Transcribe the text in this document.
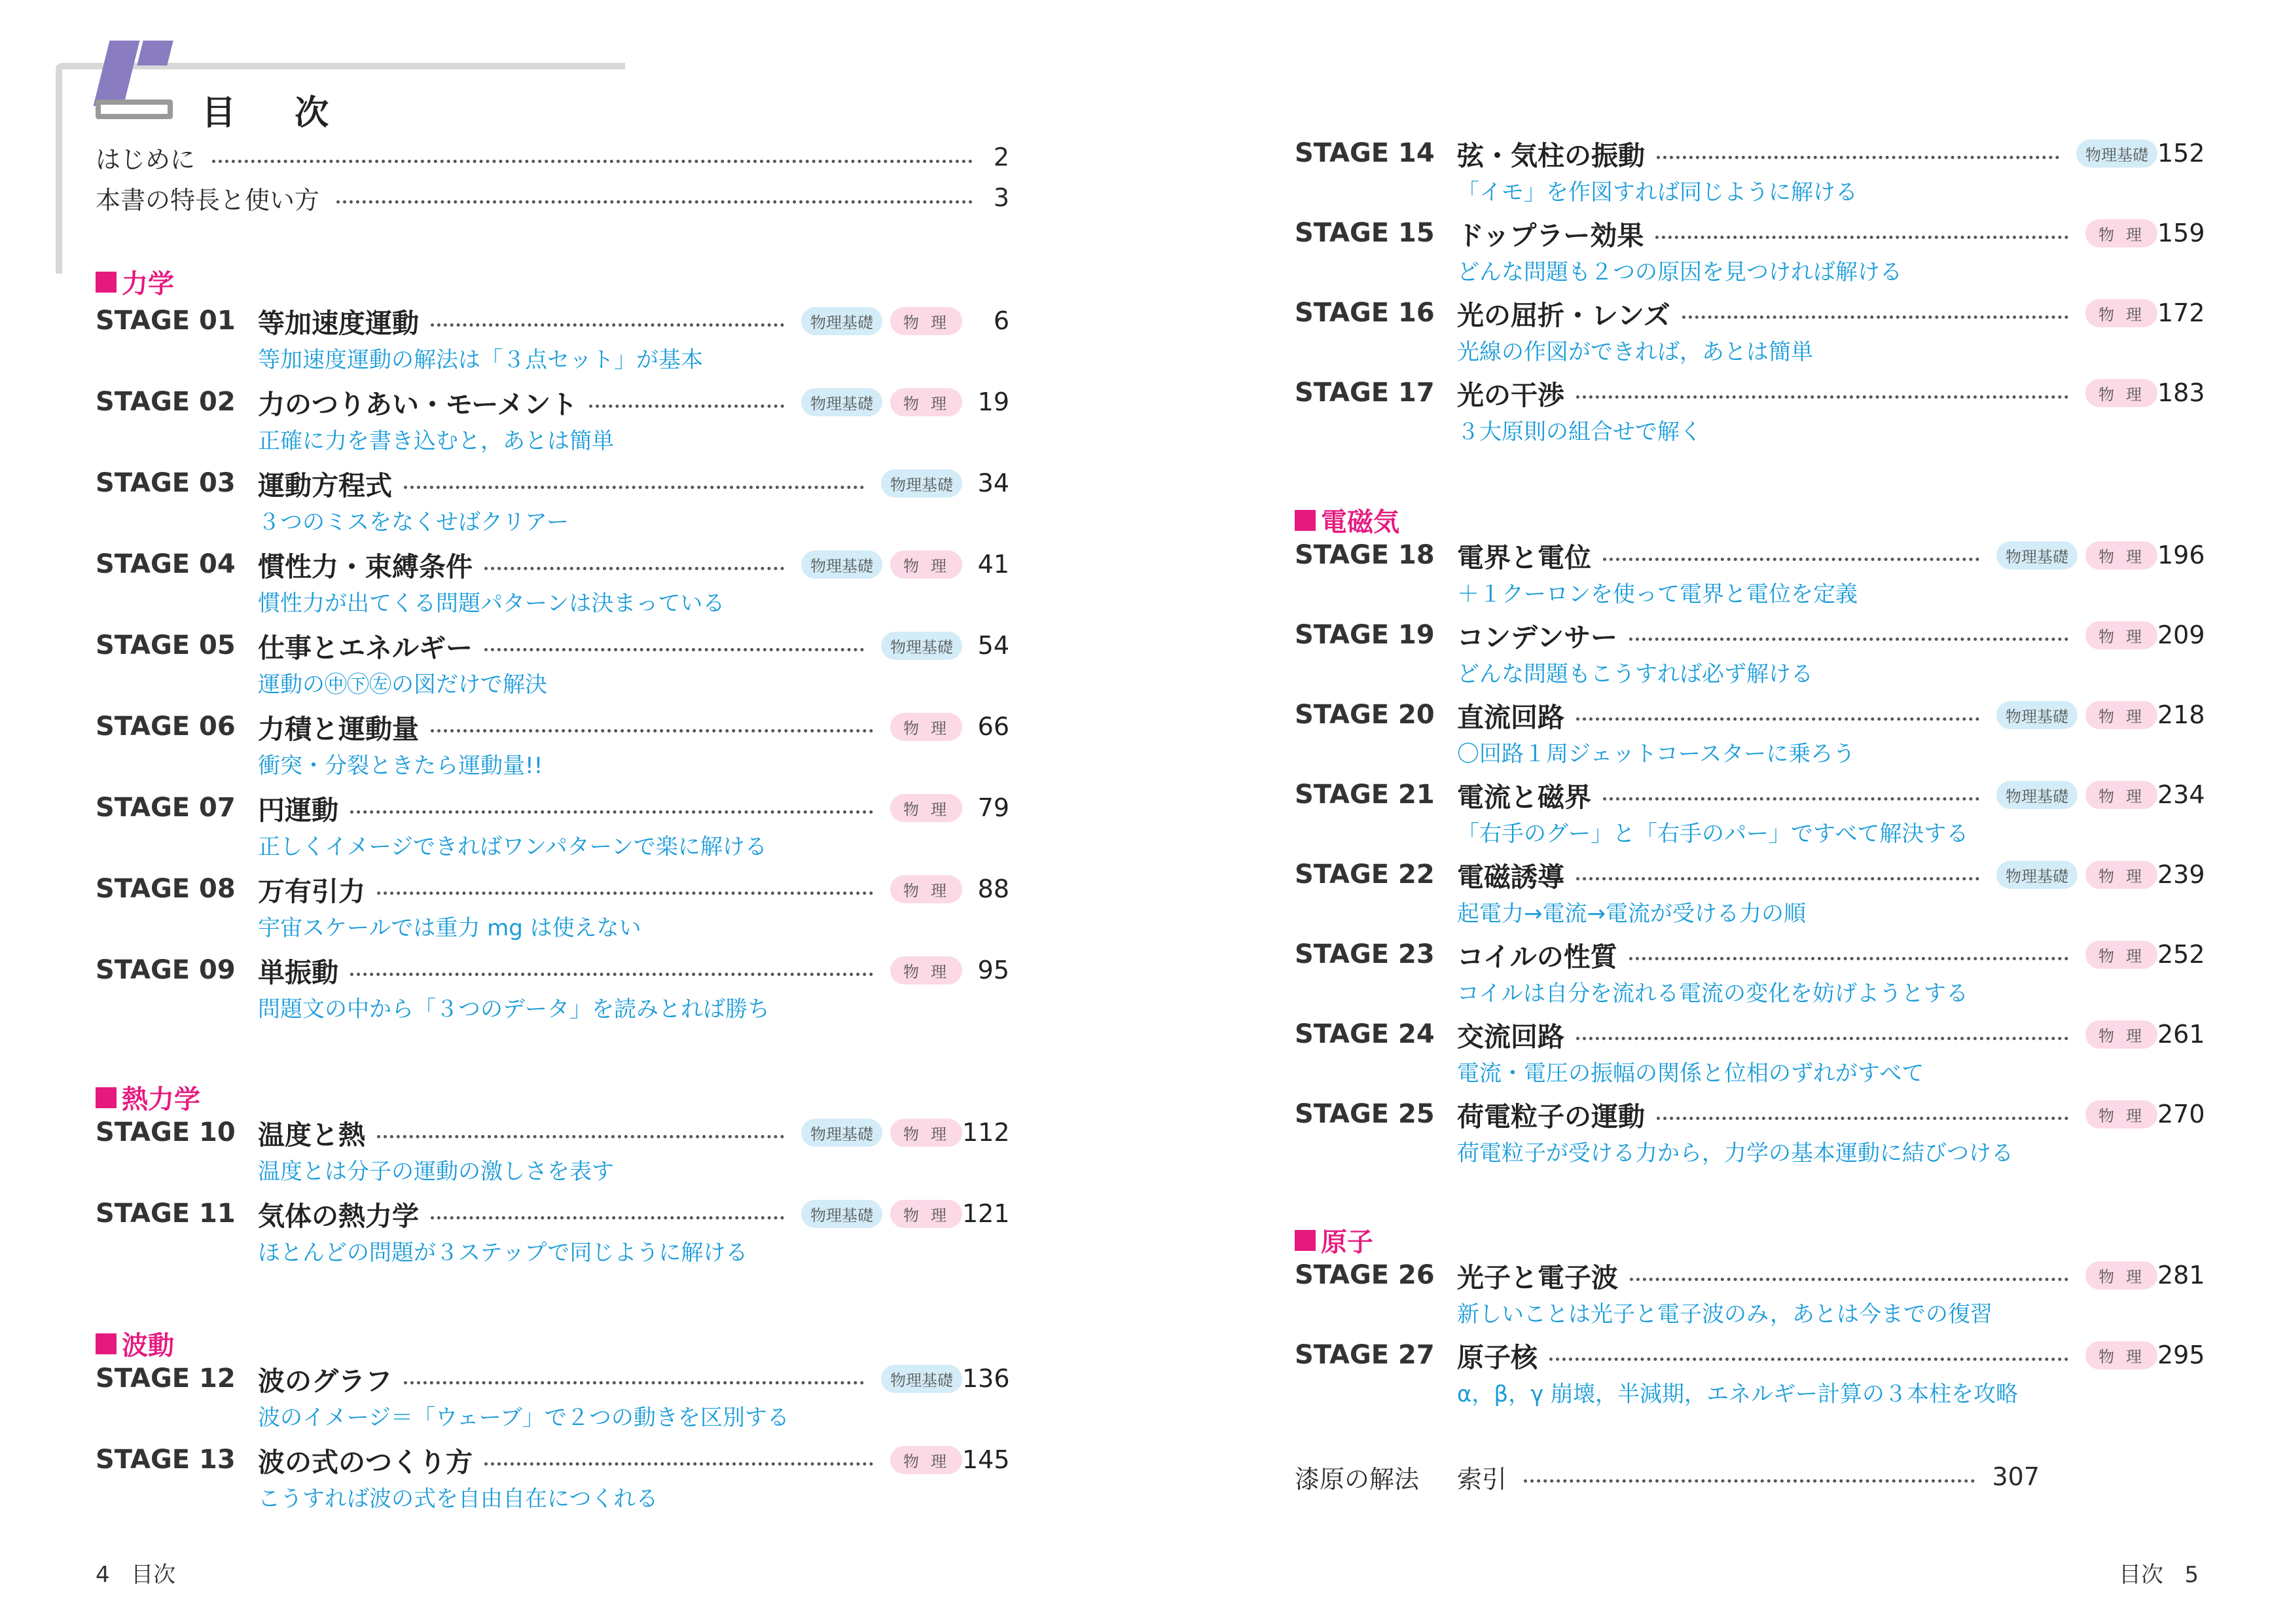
目 次
はじめに	2
本書の特長と使い方	3
力学
熱力学
波動
4 目次
電磁気
原子
漆原の解法	索引	307
目次 5
STAGE 01 等加速度運動	物理基礎	物理	6
等加速度運動の解法は「３点セット」が基本
STAGE 02 力のつりあい・モーメント	物理基礎	物理 19
正確に力を書き込むと，あとは簡単
STAGE 03 運動方程式	物理基礎 34
３つのミスをなくせばクリアー
STAGE 04 慣性力・束縛条件	物理基礎	物理 41
慣性力が出てくる問題パターンは決まっている
STAGE 05 仕事とエネルギー	物理基礎 54
運動の㊥㊦㊧の図だけで解決
STAGE 06 力積と運動量	物理 66
衝突・分裂ときたら運動量!!
STAGE 07 円運動	物理 79
正しくイメージできればワンパターンで楽に解ける
STAGE 08 万有引力	物理 88
宇宙スケールでは重力 mg は使えない
STAGE 09 単振動	物理 95
問題文の中から「３つのデータ」を読みとれば勝ち
STAGE 10 温度と熱	物理基礎	物理 112
温度とは分子の運動の激しさを表す
STAGE 11 気体の熱力学	物理基礎	物理 121
ほとんどの問題が３ステップで同じように解ける
STAGE 12 波のグラフ	物理基礎 136
波のイメージ＝「ウェーブ」で２つの動きを区別する
STAGE 13 波の式のつくり方	物理 145
こうすれば波の式を自由自在につくれる
STAGE 14 弦・気柱の振動	物理基礎 152
「イモ」を作図すれば同じように解ける
STAGE 15 ドップラー効果	物理 159
どんな問題も２つの原因を見つければ解ける
STAGE 16 光の屈折・レンズ	物理 172
光線の作図ができれば，あとは簡単
STAGE 17 光の干渉	物理 183
３大原則の組合せで解く
STAGE 18 電界と電位	物理基礎	物理 196
＋１クーロンを使って電界と電位を定義
STAGE 19 コンデンサー	物理 209
どんな問題もこうすれば必ず解ける
STAGE 20 直流回路	物理基礎	物理 218
〇回路１周ジェットコースターに乗ろう
STAGE 21 電流と磁界	物理基礎	物理 234
「右手のグー」と「右手のパー」ですべて解決する
STAGE 22 電磁誘導	物理基礎	物理 239
起電力→電流→電流が受ける力の順
STAGE 23 コイルの性質	物理 252
コイルは自分を流れる電流の変化を妨げようとする
STAGE 24 交流回路	物理 261
電流・電圧の振幅の関係と位相のずれがすべて
STAGE 25 荷電粒子の運動	物理 270
荷電粒子が受ける力から，力学の基本運動に結びつける
STAGE 26 光子と電子波	物理 281
新しいことは光子と電子波のみ，あとは今までの復習
STAGE 27 原子核	物理 295
α，β，γ 崩壊，半減期，エネルギー計算の３本柱を攻略
